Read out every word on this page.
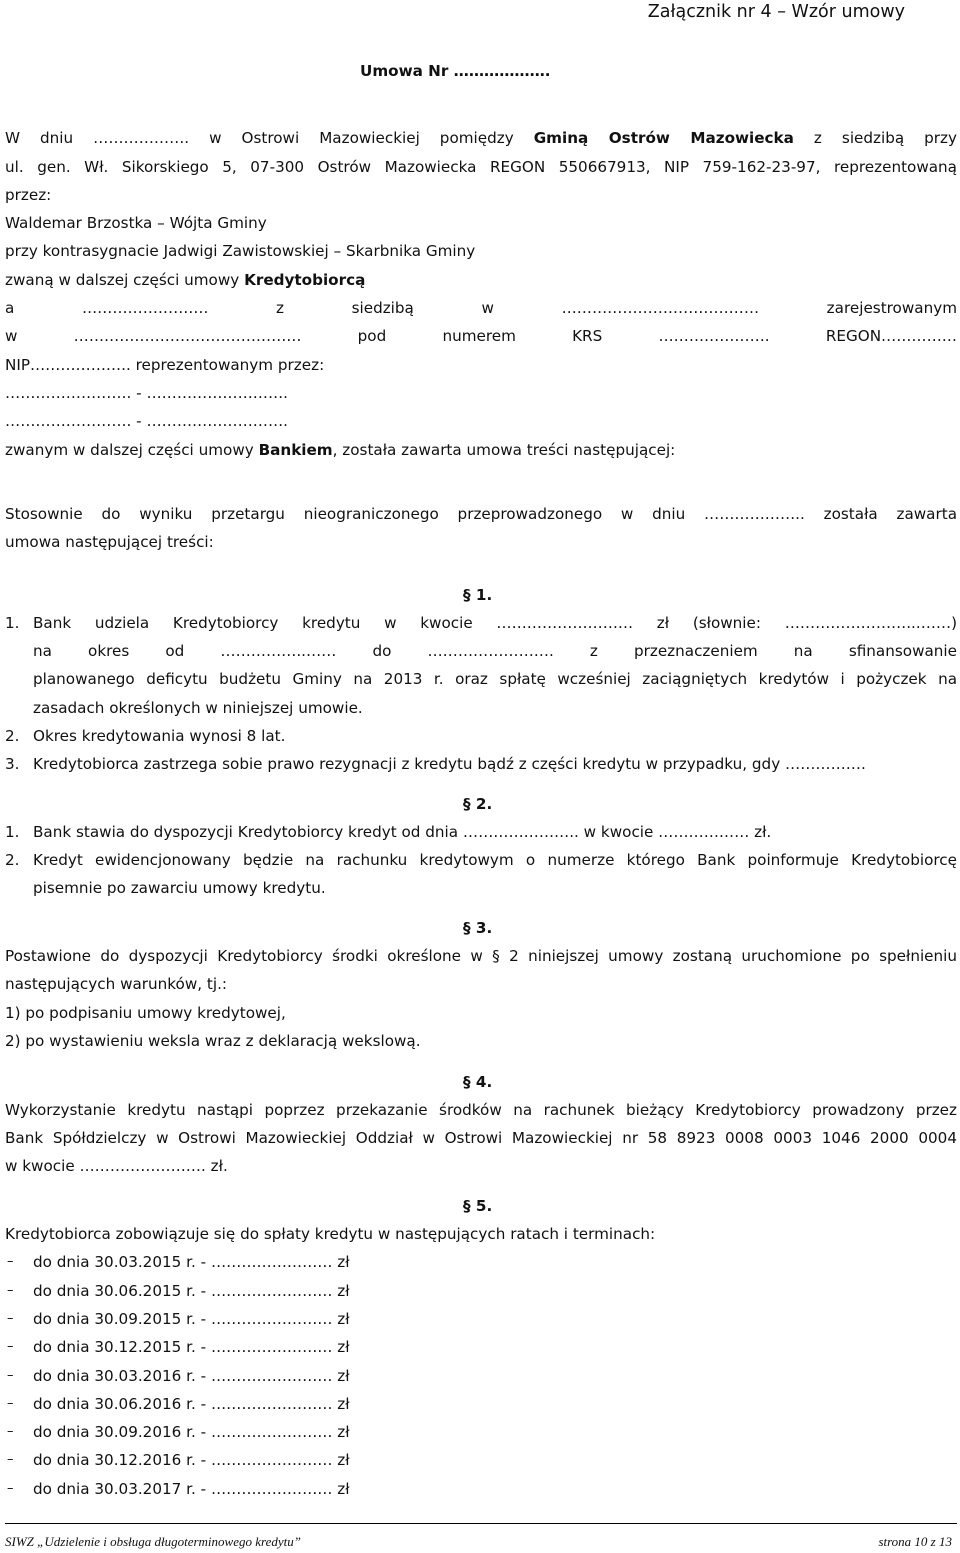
Załącznik nr 4 – Wzór umowy
Umowa Nr ……………….
W dniu ………………. w Ostrowi Mazowieckiej pomiędzy Gminą Ostrów Mazowiecka z siedzibą przy
ul. gen. Wł. Sikorskiego 5, 07-300 Ostrów Mazowiecka REGON 550667913, NIP 759-162-23-97, reprezentowaną
przez:
Waldemar Brzostka – Wójta Gminy
przy kontrasygnacie Jadwigi Zawistowskiej – Skarbnika Gminy
zwaną w dalszej części umowy Kredytobiorcą
a ……………………. z siedzibą w ………………………………… zarejestrowanym
w ……………………………………… pod numerem KRS …………………. REGON……………
NIP……………….. reprezentowanym przez:
……………………. - ……………………….
……………………. - ……………………….
zwanym w dalszej części umowy Bankiem, została zawarta umowa treści następującej:
Stosownie do wyniku przetargu nieograniczonego przeprowadzonego w dniu ……………….. została zawarta
umowa następującej treści:
§ 1.
1. Bank udziela Kredytobiorcy kredytu w kwocie ……………………… zł (słownie: ……………………...……)
na okres od ……………..…… do ……………………. z przeznaczeniem na sfinansowanie
planowanego deficytu budżetu Gminy na 2013 r. oraz spłatę wcześniej zaciągniętych kredytów i pożyczek na
zasadach określonych w niniejszej umowie.
2. Okres kredytowania wynosi 8 lat.
3. Kredytobiorca zastrzega sobie prawo rezygnacji z kredytu bądź z części kredytu w przypadku, gdy …………….
§ 2.
1. Bank stawia do dyspozycji Kredytobiorcy kredyt od dnia ………………….. w kwocie ……………… zł.
2. Kredyt ewidencjonowany będzie na rachunku kredytowym o numerze którego Bank poinformuje Kredytobiorcę
pisemnie po zawarciu umowy kredytu.
§ 3.
Postawione do dyspozycji Kredytobiorcy środki określone w § 2 niniejszej umowy zostaną uruchomione po spełnieniu
następujących warunków, tj.:
1) po podpisaniu umowy kredytowej,
2) po wystawieniu weksla wraz z deklaracją wekslową.
§ 4.
Wykorzystanie kredytu nastąpi poprzez przekazanie środków na rachunek bieżący Kredytobiorcy prowadzony przez
Bank Spółdzielczy w Ostrowi Mazowieckiej Oddział w Ostrowi Mazowieckiej nr 58 8923 0008 0003 1046 2000 0004
w kwocie ……………………. zł.
§ 5.
Kredytobiorca zobowiązuje się do spłaty kredytu w następujących ratach i terminach:
– do dnia 30.03.2015 r. - …………………… zł
– do dnia 30.06.2015 r. - …………………… zł
– do dnia 30.09.2015 r. - …………………… zł
– do dnia 30.12.2015 r. - …………………… zł
– do dnia 30.03.2016 r. - …………………… zł
– do dnia 30.06.2016 r. - …………………… zł
– do dnia 30.09.2016 r. - …………………… zł
– do dnia 30.12.2016 r. - …………………… zł
– do dnia 30.03.2017 r. - …………………… zł
SIWZ „Udzielenie i obsługa długoterminowego kredytu”	strona 10 z 13
